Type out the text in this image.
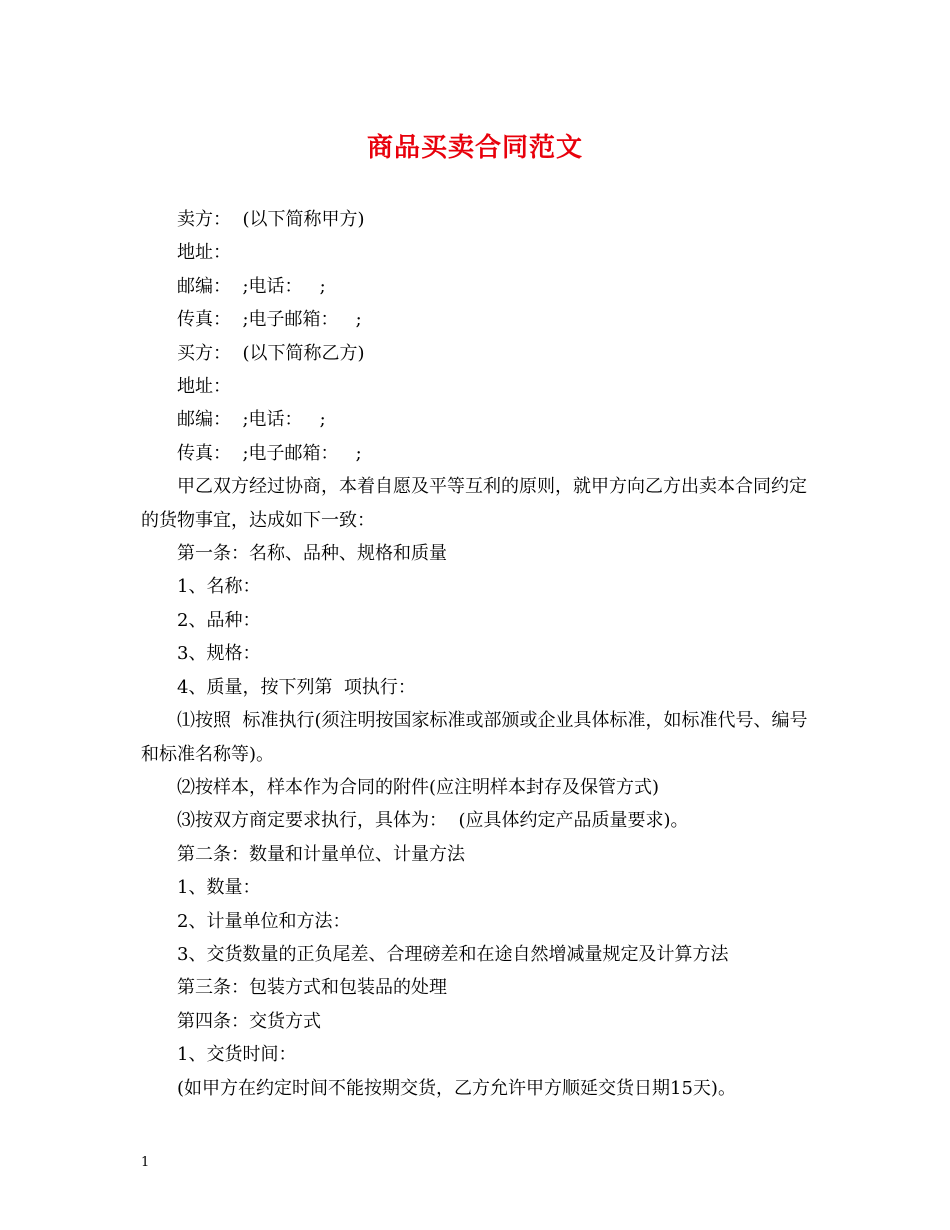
商品买卖合同范文

卖方：  (以下简称甲方)

地址：

邮编：  ;电话：   ;

传真：  ;电子邮箱：   ;

买方：  (以下简称乙方)

地址：

邮编：  ;电话：   ;

传真：  ;电子邮箱：   ;

甲乙双方经过协商，本着自愿及平等互利的原则，就甲方向乙方出卖本合同约定的货物事宜，达成如下一致：

第一条：名称、品种、规格和质量

1、名称：

2、品种：

3、规格：

4、质量，按下列第  项执行：

⑴按照  标准执行(须注明按国家标准或部颁或企业具体标准，如标准代号、编号和标准名称等)。

⑵按样本，样本作为合同的附件(应注明样本封存及保管方式)

⑶按双方商定要求执行，具体为：  (应具体约定产品质量要求)。

第二条：数量和计量单位、计量方法

1、数量：

2、计量单位和方法：

3、交货数量的正负尾差、合理磅差和在途自然增减量规定及计算方法

第三条：包装方式和包装品的处理

第四条：交货方式

1、交货时间：

(如甲方在约定时间不能按期交货，乙方允许甲方顺延交货日期15天)。

1
